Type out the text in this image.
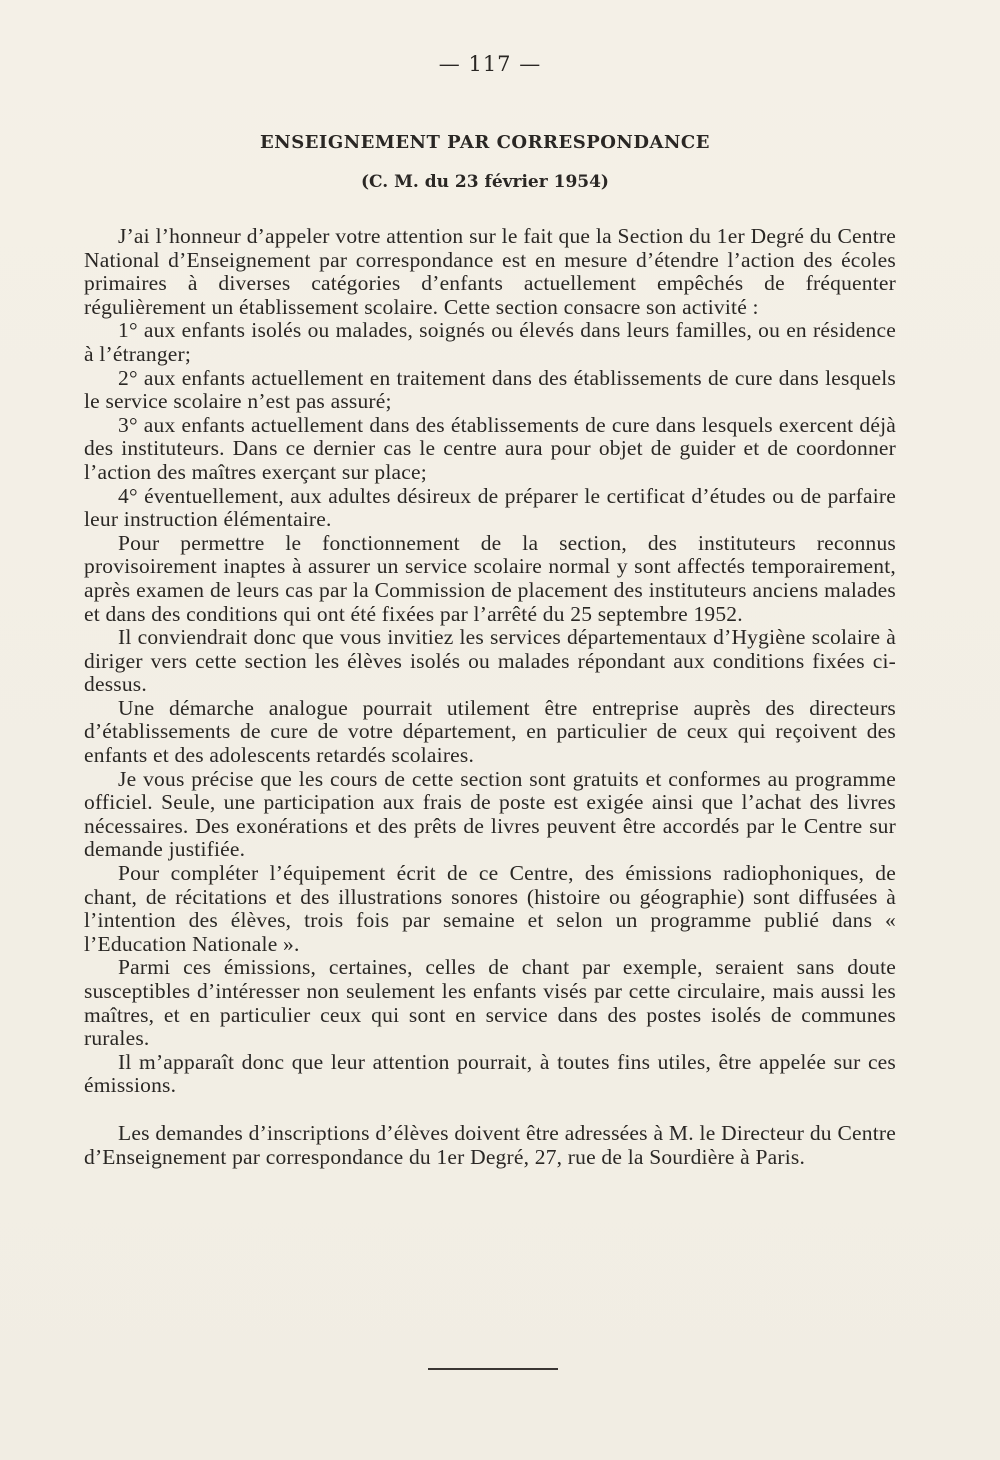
— 117 —
ENSEIGNEMENT PAR CORRESPONDANCE
(C. M. du 23 février 1954)

J’ai l’honneur d’appeler votre attention sur le fait que la Section du 1er Degré du Centre National d’Enseignement par correspondance est en mesure d’étendre l’action des écoles primaires à diverses catégories d’enfants actuellement empêchés de fréquenter régulièrement un établissement scolaire. Cette section consacre son activité :

1° aux enfants isolés ou malades, soignés ou élevés dans leurs familles, ou en résidence à l’étranger;

2° aux enfants actuellement en traitement dans des établissements de cure dans lesquels le service scolaire n’est pas assuré;

3° aux enfants actuellement dans des établissements de cure dans lesquels exercent déjà des instituteurs. Dans ce dernier cas le centre aura pour objet de guider et de coordonner l’action des maîtres exerçant sur place;

4° éventuellement, aux adultes désireux de préparer le certificat d’études ou de parfaire leur instruction élémentaire.

Pour permettre le fonctionnement de la section, des instituteurs reconnus provisoirement inaptes à assurer un service scolaire normal y sont affectés temporairement, après examen de leurs cas par la Commission de placement des instituteurs anciens malades et dans des conditions qui ont été fixées par l’arrêté du 25 septembre 1952.

Il conviendrait donc que vous invitiez les services départementaux d’Hygiène scolaire à diriger vers cette section les élèves isolés ou malades répondant aux conditions fixées ci-dessus.

Une démarche analogue pourrait utilement être entreprise auprès des directeurs d’établissements de cure de votre département, en particulier de ceux qui reçoivent des enfants et des adolescents retardés scolaires.

Je vous précise que les cours de cette section sont gratuits et conformes au programme officiel. Seule, une participation aux frais de poste est exigée ainsi que l’achat des livres nécessaires. Des exonérations et des prêts de livres peuvent être accordés par le Centre sur demande justifiée.

Pour compléter l’équipement écrit de ce Centre, des émissions radiophoniques, de chant, de récitations et des illustrations sonores (histoire ou géographie) sont diffusées à l’intention des élèves, trois fois par semaine et selon un programme publié dans « l’Education Nationale ».

Parmi ces émissions, certaines, celles de chant par exemple, seraient sans doute susceptibles d’intéresser non seulement les enfants visés par cette circulaire, mais aussi les maîtres, et en particulier ceux qui sont en service dans des postes isolés de communes rurales.

Il m’apparaît donc que leur attention pourrait, à toutes fins utiles, être appelée sur ces émissions.

Les demandes d’inscriptions d’élèves doivent être adressées à M. le Directeur du Centre d’Enseignement par correspondance du 1er Degré, 27, rue de la Sourdière à Paris.
